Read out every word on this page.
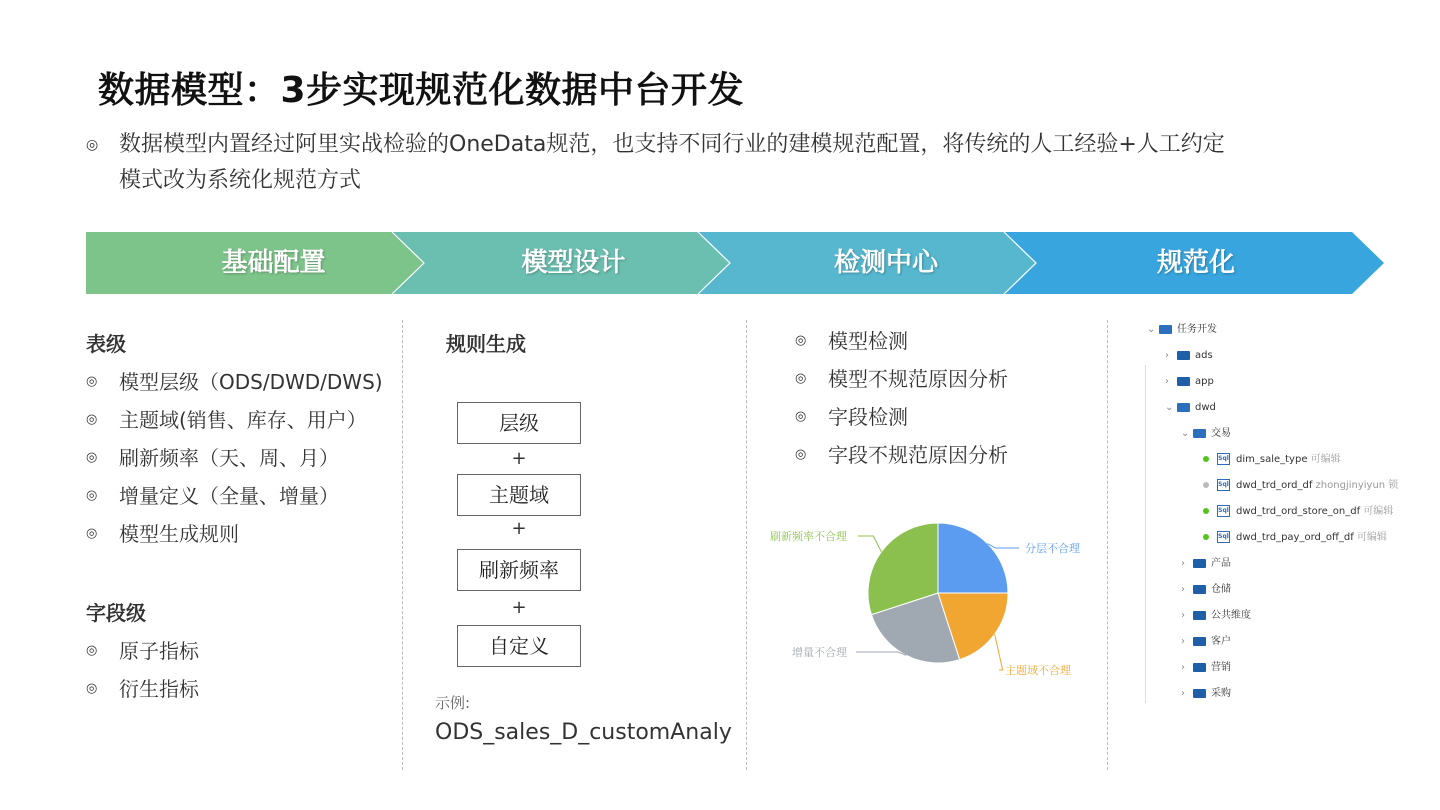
数据模型：3步实现规范化数据中台开发
◎ 数据模型内置经过阿里实战检验的OneData规范，也支持不同行业的建模规范配置，将传统的人工经验+人工约定
模式改为系统化规范方式
基础配置	模型设计	检测中心	规范化
表级
◎ 模型层级（ODS/DWD/DWS)
◎ 主题域(销售、库存、用户）
◎ 刷新频率（天、周、月）
◎ 增量定义（全量、增量）
◎ 模型生成规则
字段级
◎ 原子指标
◎ 衍生指标
规则生成
层级
+
主题域
+
刷新频率
+
自定义
示例:
ODS_sales_D_customAnaly
◎ 模型检测
◎ 模型不规范原因分析
◎ 字段检测
◎ 字段不规范原因分析
分层不合理
主题域不合理
增量不合理
刷新频率不合理
⌄ 任务开发
›	ads
›	app
⌄ dwd
⌄ 交易
Sql dim_sale_type 可编辑
Sql dwd_trd_ord_df zhongjinyiyun 锁
Sql dwd_trd_ord_store_on_df 可编辑
Sql dwd_trd_pay_ord_off_df 可编辑
›	产品
›	仓储
›	公共维度
›	客户
›	营销
›	采购
